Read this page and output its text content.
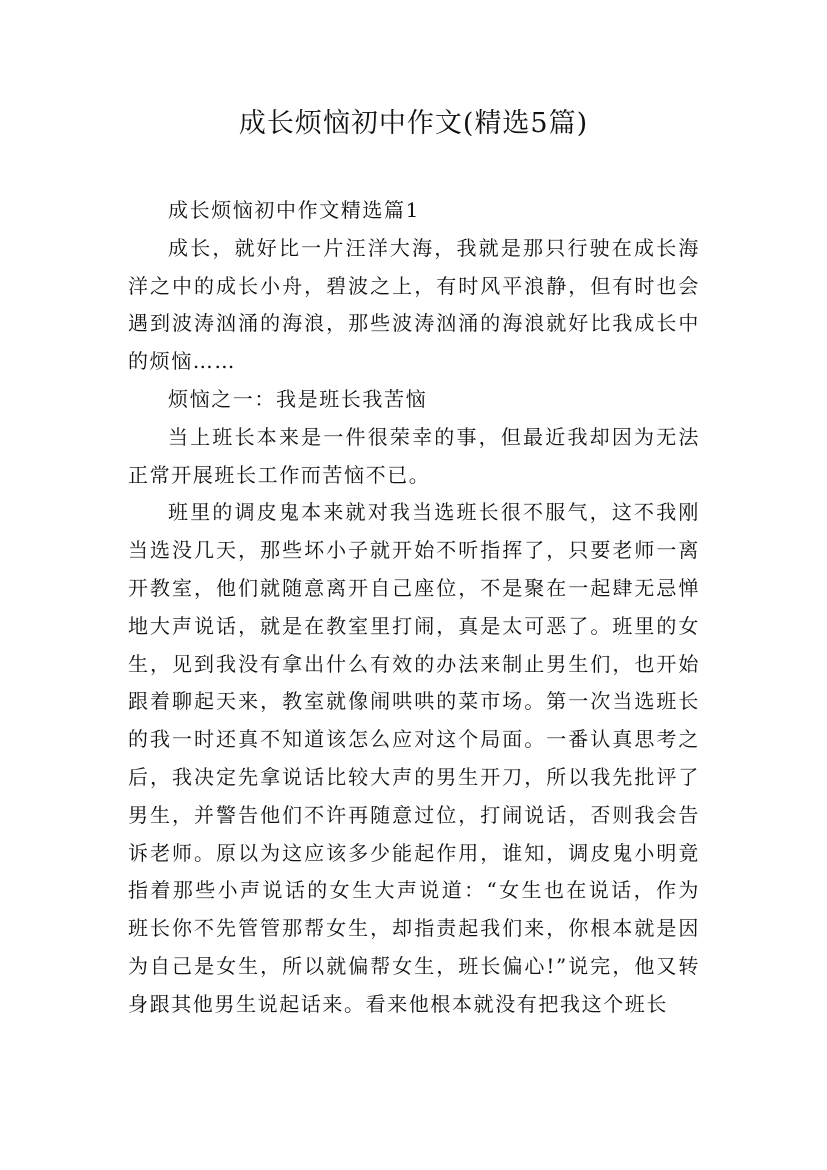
成长烦恼初中作文(精选5篇)

成长烦恼初中作文精选篇1

成长，就好比一片汪洋大海，我就是那只行驶在成长海洋之中的成长小舟，碧波之上，有时风平浪静，但有时也会遇到波涛汹涌的海浪，那些波涛汹涌的海浪就好比我成长中的烦恼……

烦恼之一：我是班长我苦恼

当上班长本来是一件很荣幸的事，但最近我却因为无法正常开展班长工作而苦恼不已。

班里的调皮鬼本来就对我当选班长很不服气，这不我刚当选没几天，那些坏小子就开始不听指挥了，只要老师一离开教室，他们就随意离开自己座位，不是聚在一起肆无忌惮地大声说话，就是在教室里打闹，真是太可恶了。班里的女生，见到我没有拿出什么有效的办法来制止男生们，也开始跟着聊起天来，教室就像闹哄哄的菜市场。第一次当选班长的我一时还真不知道该怎么应对这个局面。一番认真思考之后，我决定先拿说话比较大声的男生开刀，所以我先批评了男生，并警告他们不许再随意过位，打闹说话，否则我会告诉老师。原以为这应该多少能起作用，谁知，调皮鬼小明竟指着那些小声说话的女生大声说道：“女生也在说话，作为班长你不先管管那帮女生，却指责起我们来，你根本就是因为自己是女生，所以就偏帮女生，班长偏心!”说完，他又转身跟其他男生说起话来。看来他根本就没有把我这个班长
